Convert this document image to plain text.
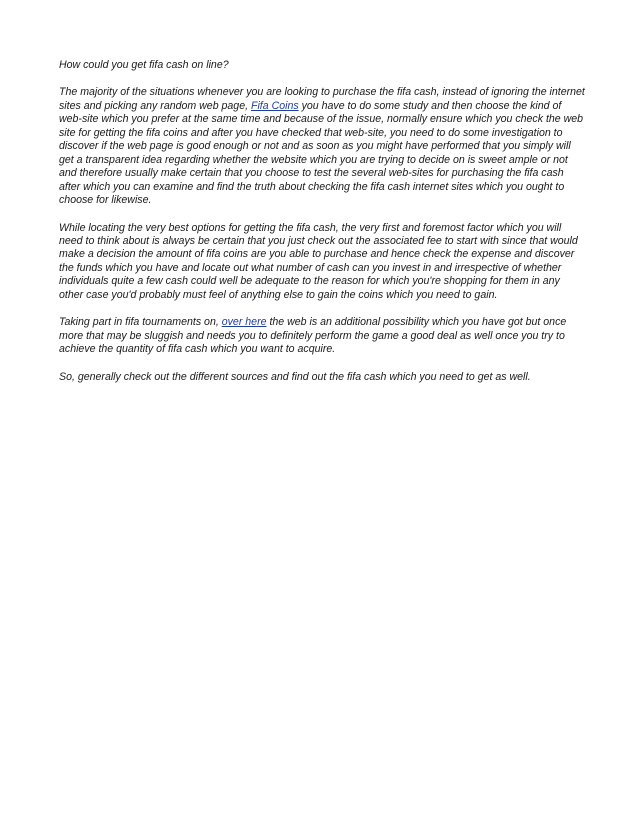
How could you get fifa cash on line?

The majority of the situations whenever you are looking to purchase the fifa cash, instead of ignoring the internet sites and picking any random web page, Fifa Coins you have to do some study and then choose the kind of web-site which you prefer at the same time and because of the issue, normally ensure which you check the web site for getting the fifa coins and after you have checked that web-site, you need to do some investigation to discover if the web page is good enough or not and as soon as you might have performed that you simply will get a transparent idea regarding whether the website which you are trying to decide on is sweet ample or not and therefore usually make certain that you choose to test the several web-sites for purchasing the fifa cash after which you can examine and find the truth about checking the fifa cash internet sites which you ought to choose for likewise.

While locating the very best options for getting the fifa cash, the very first and foremost factor which you will need to think about is always be certain that you just check out the associated fee to start with since that would make a decision the amount of fifa coins are you able to purchase and hence check the expense and discover the funds which you have and locate out what number of cash can you invest in and irrespective of whether individuals quite a few cash could well be adequate to the reason for which you're shopping for them in any other case you'd probably must feel of anything else to gain the coins which you need to gain.

Taking part in fifa tournaments on, over here the web is an additional possibility which you have got but once more that may be sluggish and needs you to definitely perform the game a good deal as well once you try to achieve the quantity of fifa cash which you want to acquire.

So, generally check out the different sources and find out the fifa cash which you need to get as well.
